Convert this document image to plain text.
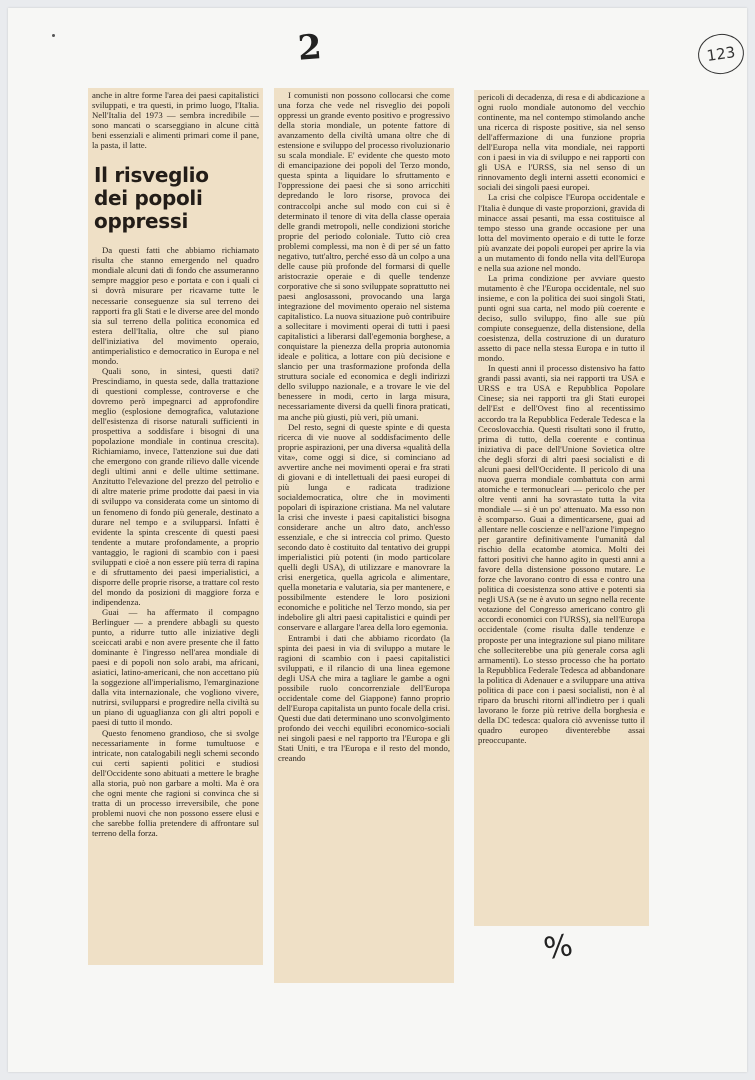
2	123

anche in altre forme l'area dei paesi capitalistici sviluppati, e tra questi, in primo luogo, l'Italia. Nell'Italia del 1973 — sembra incredibile — sono mancati o scarseggiano in alcune città beni essenziali e alimenti primari come il pane, la pasta, il latte.

Il risveglio dei popoli oppressi

Da questi fatti che abbiamo richiamato risulta che stanno emergendo nel quadro mondiale alcuni dati di fondo che assumeranno sempre maggior peso e portata e con i quali ci si dovrà misurare per ricavarne tutte le necessarie conseguenze sia sul terreno dei rapporti fra gli Stati e le diverse aree del mondo sia sul terreno della politica economica ed estera dell'Italia, oltre che sul piano dell'iniziativa del movimento operaio, antimperialistico e democratico in Europa e nel mondo.

Quali sono, in sintesi, questi dati? Prescindiamo, in questa sede, dalla trattazione di questioni complesse, controverse e che dovremo però impegnarci ad approfondire meglio (esplosione demografica, valutazione dell'esistenza di risorse naturali sufficienti in prospettiva a soddisfare i bisogni di una popolazione mondiale in continua crescita). Richiamiamo, invece, l'attenzione sui due dati che emergono con grande rilievo dalle vicende degli ultimi anni e delle ultime settimane. Anzitutto l'elevazione del prezzo del petrolio e di altre materie prime prodotte dai paesi in via di sviluppo va considerata come un sintomo di un fenomeno di fondo più generale, destinato a durare nel tempo e a svilupparsi. Infatti è evidente la spinta crescente di questi paesi tendente a mutare profondamente, a proprio vantaggio, le ragioni di scambio con i paesi sviluppati e cioè a non essere più terra di rapina e di sfruttamento dei paesi imperialistici, a disporre delle proprie risorse, a trattare col resto del mondo da posizioni di maggiore forza e indipendenza.

Guai — ha affermato il compagno Berlinguer — a prendere abbagli su questo punto, a ridurre tutto alle iniziative degli sceiccati arabi e non avere presente che il fatto dominante è l'ingresso nell'area mondiale di paesi e di popoli non solo arabi, ma africani, asiatici, latino-americani, che non accettano più la soggezione all'imperialismo, l'emarginazione dalla vita internazionale, che vogliono vivere, nutrirsi, svilupparsi e progredire nella civiltà su un piano di uguaglianza con gli altri popoli e paesi di tutto il mondo.

Questo fenomeno grandioso, che si svolge necessariamente in forme tumultuose e intricate, non catalogabili negli schemi secondo cui certi sapienti politici e studiosi dell'Occidente sono abituati a mettere le braghe alla storia, può non garbare a molti. Ma è ora che ogni mente che ragioni si convinca che si tratta di un processo irreversibile, che pone problemi nuovi che non possono essere elusi e che sarebbe follia pretendere di affrontare sul terreno della forza.

I comunisti non possono collocarsi che come una forza che vede nel risveglio dei popoli oppressi un grande evento positivo e progressivo della storia mondiale, un potente fattore di avanzamento della civiltà umana oltre che di estensione e sviluppo del processo rivoluzionario su scala mondiale. E' evidente che questo moto di emancipazione dei popoli del Terzo mondo, questa spinta a liquidare lo sfruttamento e l'oppressione dei paesi che si sono arricchiti depredando le loro risorse, provoca dei contraccolpi anche sul modo con cui si è determinato il tenore di vita della classe operaia delle grandi metropoli, nelle condizioni storiche proprie del periodo coloniale. Tutto ciò crea problemi complessi, ma non è di per sé un fatto negativo, tutt'altro, perché esso dà un colpo a una delle cause più profonde del formarsi di quelle aristocrazie operaie e di quelle tendenze corporative che si sono sviluppate soprattutto nei paesi anglosassoni, provocando una larga integrazione del movimento operaio nel sistema capitalistico. La nuova situazione può contribuire a sollecitare i movimenti operai di tutti i paesi capitalistici a liberarsi dall'egemonia borghese, a conquistare la pienezza della propria autonomia ideale e politica, a lottare con più decisione e slancio per una trasformazione profonda della struttura sociale ed economica e degli indirizzi dello sviluppo nazionale, e a trovare le vie del benessere in modi, certo in larga misura, necessariamente diversi da quelli finora praticati, ma anche più giusti, più veri, più umani.

Del resto, segni di queste spinte e di questa ricerca di vie nuove al soddisfacimento delle proprie aspirazioni, per una diversa «qualità della vita», come oggi si dice, si cominciano ad avvertire anche nei movimenti operai e fra strati di giovani e di intellettuali dei paesi europei di più lunga e radicata tradizione socialdemocratica, oltre che in movimenti popolari di ispirazione cristiana. Ma nel valutare la crisi che investe i paesi capitalistici bisogna considerare anche un altro dato, anch'esso essenziale, e che si intreccia col primo. Questo secondo dato è costituito dal tentativo dei gruppi imperialistici più potenti (in modo particolare quelli degli USA), di utilizzare e manovrare la crisi energetica, quella agricola e alimentare, quella monetaria e valutaria, sia per mantenere, e possibilmente estendere le loro posizioni economiche e politiche nel Terzo mondo, sia per indebolire gli altri paesi capitalistici e quindi per conservare e allargare l'area della loro egemonia.

Entrambi i dati che abbiamo ricordato (la spinta dei paesi in via di sviluppo a mutare le ragioni di scambio con i paesi capitalistici sviluppati, e il rilancio di una linea egemone degli USA che mira a tagliare le gambe a ogni possibile ruolo concorrenziale dell'Europa occidentale come del Giappone) fanno proprio dell'Europa capitalista un punto focale della crisi. Questi due dati determinano uno sconvolgimento profondo dei vecchi equilibri economico-sociali nei singoli paesi e nel rapporto tra l'Europa e gli Stati Uniti, e tra l'Europa e il resto del mondo, creando

pericoli di decadenza, di resa e di abdicazione a ogni ruolo mondiale autonomo del vecchio continente, ma nel contempo stimolando anche una ricerca di risposte positive, sia nel senso dell'affermazione di una funzione propria dell'Europa nella vita mondiale, nei rapporti con i paesi in via di sviluppo e nei rapporti con gli USA e l'URSS, sia nel senso di un rinnovamento degli interni assetti economici e sociali dei singoli paesi europei.

La crisi che colpisce l'Europa occidentale e l'Italia è dunque di vaste proporzioni, gravida di minacce assai pesanti, ma essa costituisce al tempo stesso una grande occasione per una lotta del movimento operaio e di tutte le forze più avanzate dei popoli europei per aprire la via a un mutamento di fondo nella vita dell'Europa e nella sua azione nel mondo.

La prima condizione per avviare questo mutamento è che l'Europa occidentale, nel suo insieme, e con la politica dei suoi singoli Stati, punti ogni sua carta, nel modo più coerente e deciso, sullo sviluppo, fino alle sue più compiute conseguenze, della distensione, della coesistenza, della costruzione di un duraturo assetto di pace nella stessa Europa e in tutto il mondo.

In questi anni il processo distensivo ha fatto grandi passi avanti, sia nei rapporti tra USA e URSS e tra USA e Repubblica Popolare Cinese; sia nei rapporti tra gli Stati europei dell'Est e dell'Ovest fino al recentissimo accordo tra la Repubblica Federale Tedesca e la Cecoslovacchia. Questi risultati sono il frutto, prima di tutto, della coerente e continua iniziativa di pace dell'Unione Sovietica oltre che degli sforzi di altri paesi socialisti e di alcuni paesi dell'Occidente. Il pericolo di una nuova guerra mondiale combattuta con armi atomiche e termonucleari — pericolo che per oltre venti anni ha sovrastato tutta la vita mondiale — si è un po' attenuato. Ma esso non è scomparso. Guai a dimenticarsene, guai ad allentare nelle coscienze e nell'azione l'impegno per garantire definitivamente l'umanità dal rischio della ecatombe atomica. Molti dei fattori positivi che hanno agito in questi anni a favore della distensione possono mutare. Le forze che lavorano contro di essa e contro una politica di coesistenza sono attive e potenti sia negli USA (se ne è avuto un segno nella recente votazione del Congresso americano contro gli accordi economici con l'URSS), sia nell'Europa occidentale (come risulta dalle tendenze e proposte per una integrazione sul piano militare che solleciterebbe una più generale corsa agli armamenti). Lo stesso processo che ha portato la Repubblica Federale Tedesca ad abbandonare la politica di Adenauer e a sviluppare una attiva politica di pace con i paesi socialisti, non è al riparo da bruschi ritorni all'indietro per i quali lavorano le forze più retrive della borghesia e della DC tedesca: qualora ciò avvenisse tutto il quadro europeo diventerebbe assai preoccupante.

%
